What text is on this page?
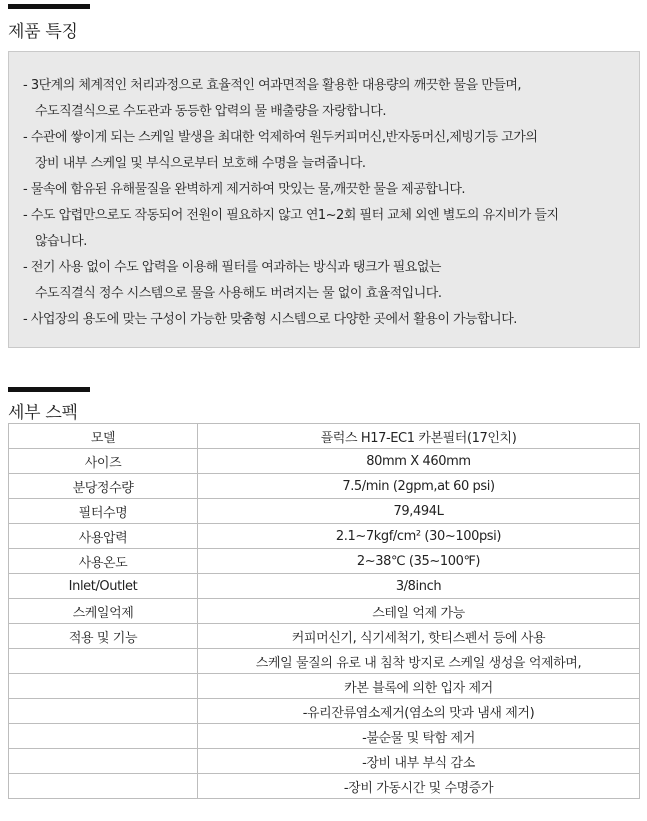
제품 특징
- 3단계의 체계적인 처리과정으로 효율적인 여과면적을 활용한 대용량의 깨끗한 물을 만들며,
수도직결식으로 수도관과 동등한 압력의 물 배출량을 자랑합니다.
- 수관에 쌓이게 되는 스케일 발생을 최대한 억제하여 원두커피머신,반자동머신,제빙기등 고가의
장비 내부 스케일 및 부식으로부터 보호해 수명을 늘려줍니다.
- 물속에 함유된 유해물질을 완벽하게 제거하여 맛있는 물,깨끗한 물을 제공합니다.
- 수도 압렵만으로도 작동되어 전원이 필요하지 않고 연1~2회 필터 교체 외엔 별도의 유지비가 들지
않습니다.
- 전기 사용 없이 수도 압력을 이용해 필터를 여과하는 방식과 탱크가 필요없는
수도직결식 정수 시스템으로 물을 사용해도 버려지는 물 없이 효율적입니다.
- 사업장의 용도에 맞는 구성이 가능한 맞춤형 시스템으로 다양한 곳에서 활용이 가능합니다.
세부 스펙
모델	플럭스 H17-EC1 카본필터(17인치)
사이즈	80mm X 460mm
분당정수량	7.5/min (2gpm,at 60 psi)
필터수명	79,494L
사용압력	2.1~7kgf/cm² (30~100psi)
사용온도	2~38℃ (35~100℉)
Inlet/Outlet	3/8inch
스케일억제	스테일 억제 가능
적용 및 기능	커피머신기, 식기세척기, 핫티스펜서 등에 사용
	스케일 물질의 유로 내 침착 방지로 스케일 생성을 억제하며,
	카본 블록에 의한 입자 제거
	-유리잔류염소제거(염소의 맛과 냄새 제거)
	-불순물 및 탁함 제거
	-장비 내부 부식 감소
	-장비 가동시간 및 수명증가
